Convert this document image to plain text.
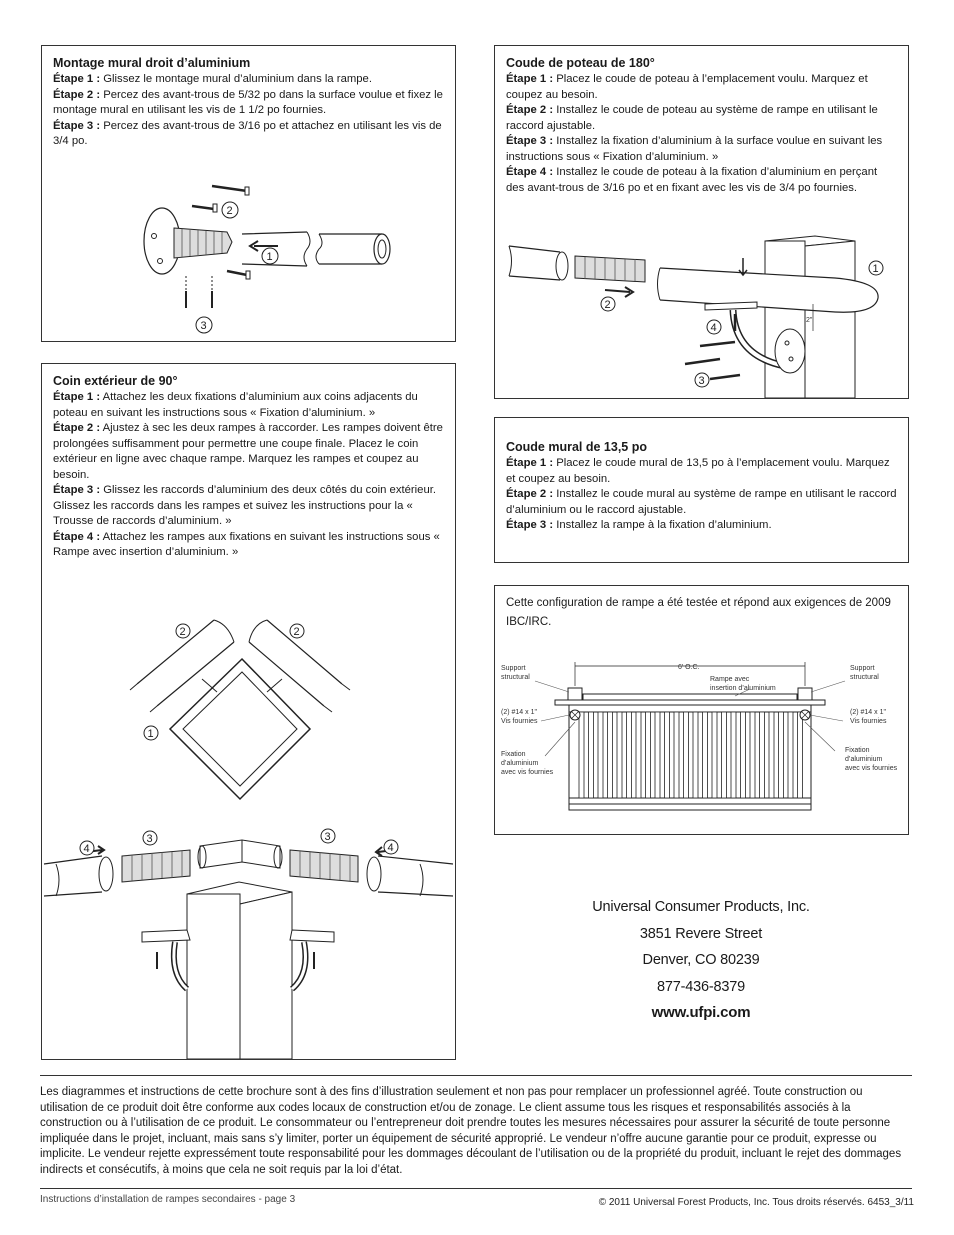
Montage mural droit d’aluminium

Étape 1 : Glissez le montage mural d’aluminium dans la rampe.
Étape 2 : Percez des avant-trous de 5/32 po dans la surface voulue et fixez le montage mural en utilisant les vis de 1 1/2 po fournies.
Étape 3 : Percez des avant-trous de 3/16 po et attachez en utilisant les vis de 3/4 po.

1
2
3
Coude de poteau de 180°

Étape 1 : Placez le coude de poteau à l’emplacement voulu. Marquez et coupez au besoin.
Étape 2 : Installez le coude de poteau au système de rampe en utilisant le raccord ajustable.
Étape 3 : Installez la fixation d’aluminium à la surface voulue en suivant les instructions sous « Fixation d’aluminium. »
Étape 4 : Installez le coude de poteau à la fixation d’aluminium en perçant des avant-trous de 3/16 po et en fixant avec les vis de 3/4 po fournies.

2
1
2"
4
3
Coin extérieur de 90°

Étape 1 : Attachez les deux fixations d’aluminium aux coins adjacents du poteau en suivant les instructions sous « Fixation d’aluminium. »
Étape 2 : Ajustez à sec les deux rampes à raccorder. Les rampes doivent être prolongées suffisamment pour permettre une coupe finale. Placez le coin extérieur en ligne avec chaque rampe. Marquez les rampes et coupez au besoin.
Étape 3 : Glissez les raccords d’aluminium des deux côtés du coin extérieur. Glissez les raccords dans les rampes et suivez les instructions pour la « Trousse de raccords d’aluminium. »
Étape 4 : Attachez les rampes aux fixations en suivant les instructions sous « Rampe avec insertion d’aluminium. »

2	2
1
4	4
3	3
Coude mural de 13,5 po

Étape 1 : Placez le coude mural de 13,5 po à l’emplacement voulu. Marquez et coupez au besoin.
Étape 2 : Installez le coude mural au système de rampe en utilisant le raccord d’aluminium ou le raccord ajustable.
Étape 3 : Installez la rampe à la fixation d’aluminium.

Cette configuration de rampe a été testée et répond aux exigences de 2009 IBC/IRC.

6’ O.C.
Support
structural
Support
structural
Rampe avec
insertion d’aluminium
(2) #14 x 1"
Vis fournies
(2) #14 x 1"
Vis fournies
Fixation
d’aluminium
avec vis fournies
Fixation
d’aluminium
avec vis fournies
Universal Consumer Products, Inc.
3851 Revere Street
Denver, CO 80239
877-436-8379
www.ufpi.com
Les diagrammes et instructions de cette brochure sont à des fins d’illustration seulement et non pas pour remplacer un professionnel agréé. Toute construction ou utilisation de ce produit doit être conforme aux codes locaux de construction et/ou de zonage. Le client assume tous les risques et responsabilités associés à la construction ou à l’utilisation de ce produit. Le consommateur ou l’entrepreneur doit prendre toutes les mesures nécessaires pour assurer la sécurité de toute personne impliquée dans le projet, incluant, mais sans s’y limiter, porter un équipement de sécurité approprié. Le vendeur n’offre aucune garantie pour ce produit, expresse ou implicite. Le vendeur rejette expressément toute responsabilité pour les dommages découlant de l’utilisation ou de la propriété du produit, incluant le rejet des dommages indirects et consécutifs, à moins que cela ne soit requis par la loi d’état.
Instructions d’installation de rampes secondaires - page 3	© 2011 Universal Forest Products, Inc. Tous droits réservés. 6453_3/11
